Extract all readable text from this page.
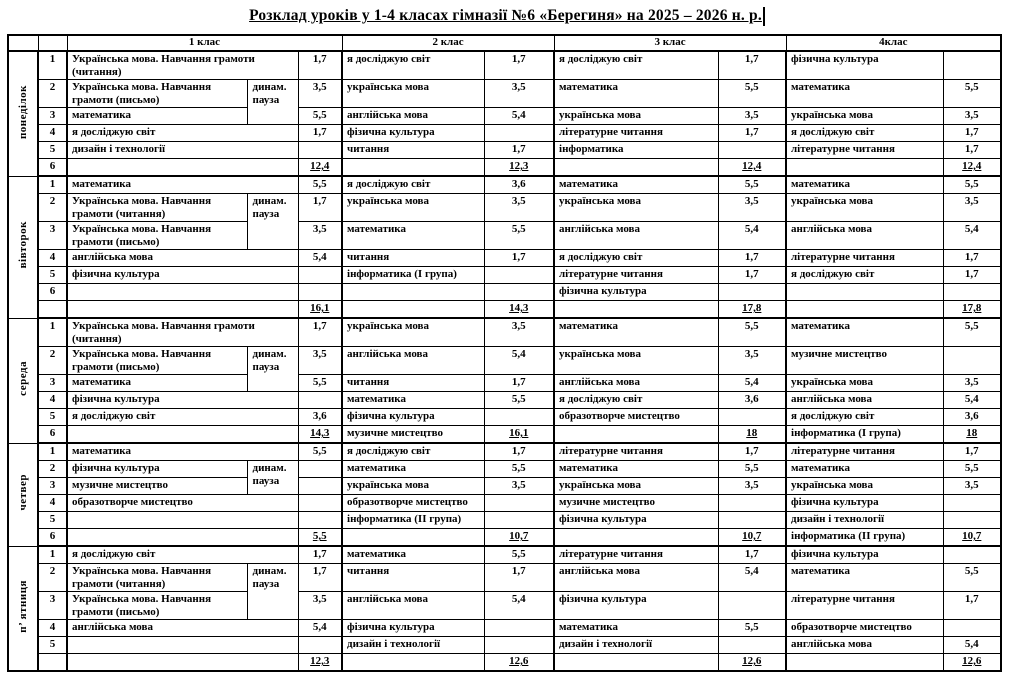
Розклад уроків у 1-4 класах гімназії №6 «Берегиня» на 2025 – 2026 н. р.
		1 клас			2 клас		3 клас		4клас	
понеділок	1	Українська мова. Навчання грамоти (читання)		1,7	я досліджую світ	1,7	я досліджую світ	1,7	фізична культура	
	2	Українська мова. Навчання грамоти (письмо)	динам. пауза	3,5	українська мова	3,5	математика	5,5	математика	5,5
	3	математика		5,5	англійська мова	5,4	українська мова	3,5	українська мова	3,5
	4	я досліджую світ		1,7	фізична культура		літературне читання	1,7	я досліджую світ	1,7
	5	дизайн і технології			читання	1,7	інформатика		літературне читання	1,7
	6			12,4		12,3		12,4		12,4
вівторок	1	математика		5,5	я досліджую світ	3,6	математика	5,5	математика	5,5
	2	Українська мова. Навчання грамоти (читання)	динам. пауза	1,7	українська мова	3,5	українська мова	3,5	українська мова	3,5
	3	Українська мова. Навчання грамоти (письмо)		3,5	математика	5,5	англійська мова	5,4	англійська мова	5,4
	4	англійська мова		5,4	читання	1,7	я досліджую світ	1,7	літературне читання	1,7
	5	фізична культура			інформатика (І група)		літературне читання	1,7	я досліджую світ	1,7
	6						фізична культура			
				16,1		14,3		17,8		17,8
середа	1	Українська мова. Навчання грамоти (читання)		1,7	українська мова	3,5	математика	5,5	математика	5,5
	2	Українська мова. Навчання грамоти (письмо)	динам. пауза	3,5	англійська мова	5,4	українська мова	3,5	музичне мистецтво	
	3	математика		5,5	читання	1,7	англійська мова	5,4	українська мова	3,5
	4	фізична культура			математика	5,5	я досліджую світ	3,6	англійська мова	5,4
	5	я досліджую світ		3,6	фізична культура		образотворче мистецтво		я досліджую світ	3,6
	6			14,3	музичне мистецтво	16,1		18	інформатика (І група)	18
четвер	1	математика		5,5	я досліджую світ	1,7	літературне читання	1,7	літературне читання	1,7
	2	фізична культура	динам. пауза		математика	5,5	математика	5,5	математика	5,5
	3	музичне мистецтво			українська мова	3,5	українська мова	3,5	українська мова	3,5
	4	образотворче мистецтво			образотворче мистецтво		музичне мистецтво		фізична культура	
	5				інформатика (ІІ група)		фізична культура		дизайн і технології	
	6			5,5		10,7		10,7	інформатика (ІІ група)	10,7
п’ ятниця	1	я досліджую світ		1,7	математика	5,5	літературне читання	1,7	фізична культура	
	2	Українська мова. Навчання грамоти (читання)	динам. пауза	1,7	читання	1,7	англійська мова	5,4	математика	5,5
	3	Українська мова. Навчання грамоти (письмо)		3,5	англійська мова	5,4	фізична культура		літературне читання	1,7
	4	англійська мова		5,4	фізична культура		математика	5,5	образотворче мистецтво	
	5				дизайн і технології		дизайн і технології		англійська мова	5,4
				12,3		12,6		12,6		12,6
